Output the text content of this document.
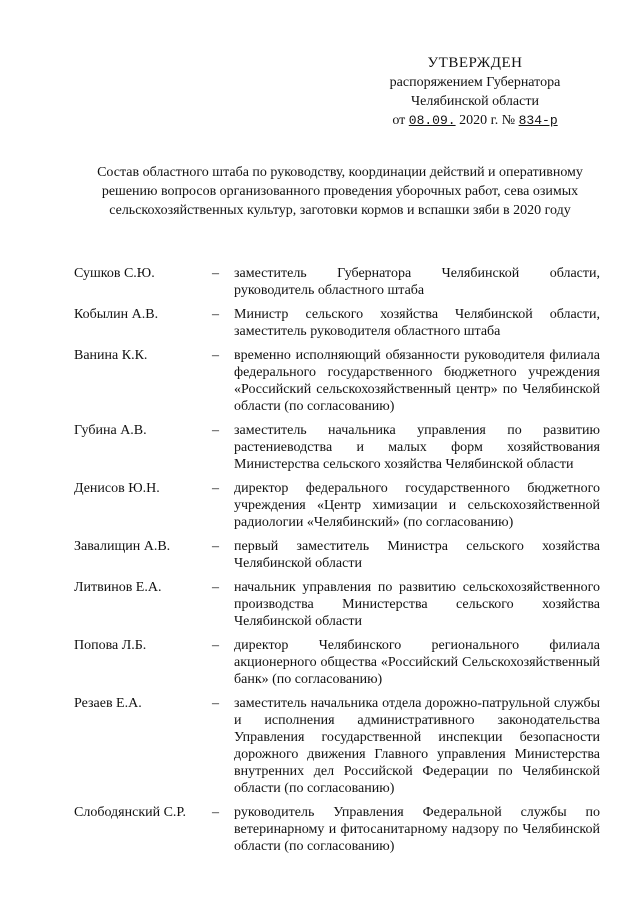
УТВЕРЖДЕН
распоряжением Губернатора
Челябинской области
от 08.09. 2020 г. № 834-р
Состав областного штаба по руководству, координации действий и оперативному решению вопросов организованного проведения уборочных работ, сева озимых сельскохозяйственных культур, заготовки кормов и вспашки зяби в 2020 году
Сушков С.Ю.	–	заместитель Губернатора Челябинской области, руководитель областного штаба
Кобылин А.В.	–	Министр сельского хозяйства Челябинской области, заместитель руководителя областного штаба
Ванина К.К.	–	временно исполняющий обязанности руководителя филиала федерального государственного бюджетного учреждения «Российский сельскохозяйственный центр» по Челябинской области (по согласованию)
Губина А.В.	–	заместитель начальника управления по развитию растениеводства и малых форм хозяйствования Министерства сельского хозяйства Челябинской области
Денисов Ю.Н.	–	директор федерального государственного бюджетного учреждения «Центр химизации и сельскохозяйственной радиологии «Челябинский» (по согласованию)
Завалищин А.В.	–	первый заместитель Министра сельского хозяйства Челябинской области
Литвинов Е.А.	–	начальник управления по развитию сельскохозяйственного производства Министерства сельского хозяйства Челябинской области
Попова Л.Б.	–	директор Челябинского регионального филиала акционерного общества «Российский Сельскохозяйственный банк» (по согласованию)
Резаев Е.А.	–	заместитель начальника отдела дорожно-патрульной службы и исполнения административного законодательства Управления государственной инспекции безопасности дорожного движения Главного управления Министерства внутренних дел Российской Федерации по Челябинской области (по согласованию)
Слободянский С.Р.	–	руководитель Управления Федеральной службы по ветеринарному и фитосанитарному надзору по Челябинской области (по согласованию)
